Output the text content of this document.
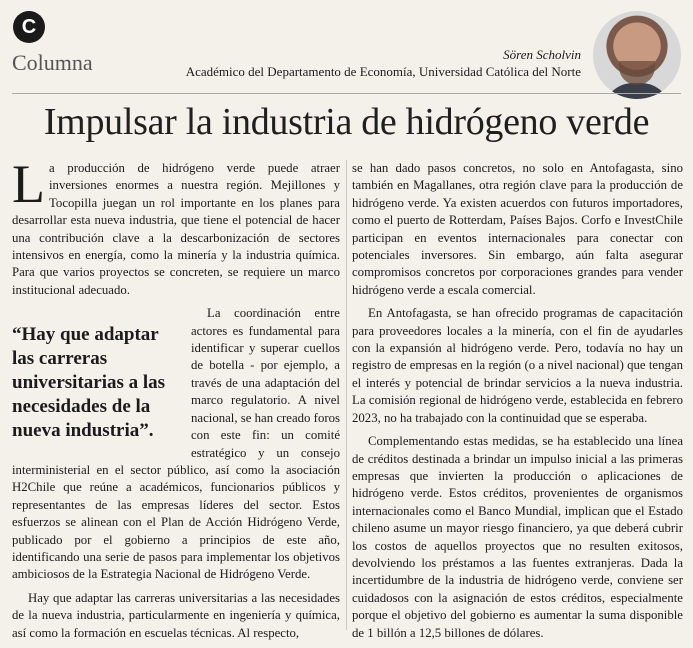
C
Columna	Sören Scholvin
Académico del Departamento de Economía, Universidad Católica del Norte
Impulsar la industria de hidrógeno verde

La producción de hidrógeno verde puede atraer inversiones enormes a nuestra región. Mejillones y Tocopilla juegan un rol importante en los planes para desarrollar esta nueva industria, que tiene el potencial de hacer una contribución clave a la descarbonización de sectores intensivos en energía, como la minería y la industria química. Para que varios proyectos se concreten, se requiere un marco institucional adecuado.

“Hay que adaptar las carreras universitarias a las necesidades de la nueva industria”.

La coordinación entre actores es fundamental para identificar y superar cuellos de botella - por ejemplo, a través de una adaptación del marco regulatorio. A nivel nacional, se han creado foros con este fin: un comité estratégico y un consejo interministerial en el sector público, así como la asociación H2Chile que reúne a académicos, funcionarios públicos y representantes de las empresas líderes del sector. Estos esfuerzos se alinean con el Plan de Acción Hidrógeno Verde, publicado por el gobierno a principios de este año, identificando una serie de pasos para implementar los objetivos ambiciosos de la Estrategia Nacional de Hidrógeno Verde.

Hay que adaptar las carreras universitarias a las necesidades de la nueva industria, particularmente en ingeniería y química, así como la formación en escuelas técnicas. Al respecto,

se han dado pasos concretos, no solo en Antofagasta, sino también en Magallanes, otra región clave para la producción de hidrógeno verde. Ya existen acuerdos con futuros importadores, como el puerto de Rotterdam, Países Bajos. Corfo e InvestChile participan en eventos internacionales para conectar con potenciales inversores. Sin embargo, aún falta asegurar compromisos concretos por corporaciones grandes para vender hidrógeno verde a escala comercial.

En Antofagasta, se han ofrecido programas de capacitación para proveedores locales a la minería, con el fin de ayudarles con la expansión al hidrógeno verde. Pero, todavía no hay un registro de empresas en la región (o a nivel nacional) que tengan el interés y potencial de brindar servicios a la nueva industria. La comisión regional de hidrógeno verde, establecida en febrero 2023, no ha trabajado con la continuidad que se esperaba.

Complementando estas medidas, se ha establecido una línea de créditos destinada a brindar un impulso inicial a las primeras empresas que invierten la producción o aplicaciones de hidrógeno verde. Estos créditos, provenientes de organismos internacionales como el Banco Mundial, implican que el Estado chileno asume un mayor riesgo financiero, ya que deberá cubrir los costos de aquellos proyectos que no resulten exitosos, devolviendo los préstamos a las fuentes extranjeras. Dada la incertidumbre de la industria de hidrógeno verde, conviene ser cuidadosos con la asignación de estos créditos, especialmente porque el objetivo del gobierno es aumentar la suma disponible de 1 billón a 12,5 billones de dólares.
